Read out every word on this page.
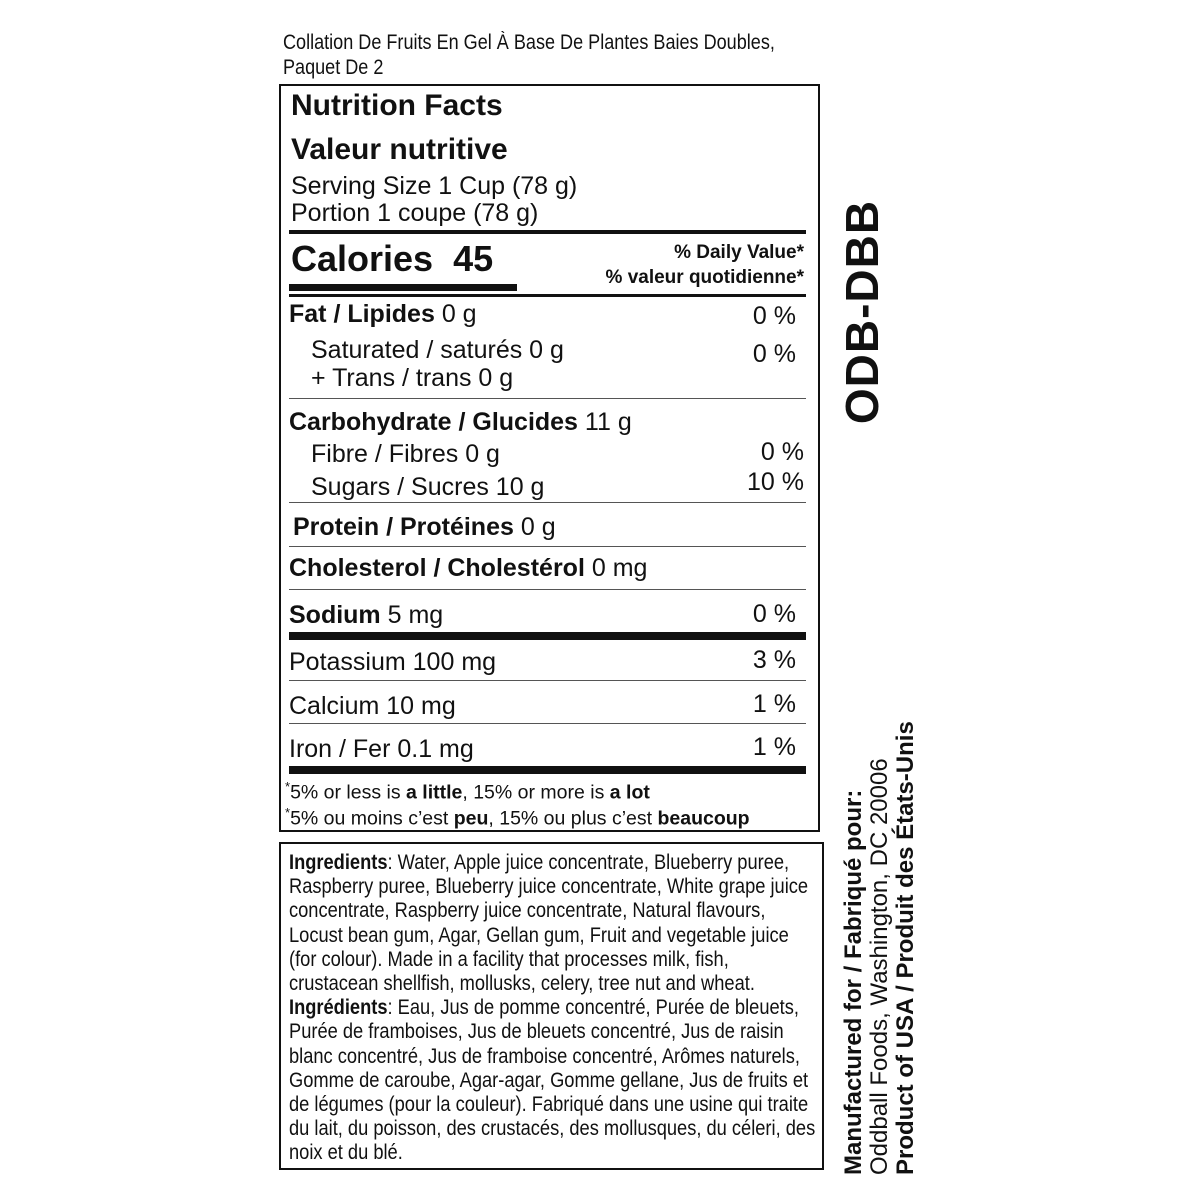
Collation De Fruits En Gel À Base De Plantes Baies Doubles, Paquet De 2
Nutrition Facts
Valeur nutritive
Serving Size 1 Cup (78 g)
Portion 1 coupe (78 g)
Calories 45	% Daily Value*
% valeur quotidienne*
Fat / Lipides 0 g	0 %
Saturated / saturés 0 g	0 %
+ Trans / trans 0 g
Carbohydrate / Glucides 11 g
Fibre / Fibres 0 g	0 %
Sugars / Sucres 10 g	10 %
Protein / Protéines 0 g
Cholesterol / Cholestérol 0 mg
Sodium 5 mg	0 %
Potassium 100 mg	3 %
Calcium 10 mg	1 %
Iron / Fer 0.1 mg	1 %
*5% or less is a little, 15% or more is a lot
*5% ou moins c’est peu, 15% ou plus c’est beaucoup
Ingredients: Water, Apple juice concentrate, Blueberry puree, Raspberry puree, Blueberry juice concentrate, White grape juice concentrate, Raspberry juice concentrate, Natural flavours, Locust bean gum, Agar, Gellan gum, Fruit and vegetable juice (for colour). Made in a facility that processes milk, fish, crustacean shellfish, mollusks, celery, tree nut and wheat. Ingrédients: Eau, Jus de pomme concentré, Purée de bleuets, Purée de framboises, Jus de bleuets concentré, Jus de raisin blanc concentré, Jus de framboise concentré, Arômes naturels, Gomme de caroube, Agar-agar, Gomme gellane, Jus de fruits et de légumes (pour la couleur). Fabriqué dans une usine qui traite du lait, du poisson, des crustacés, des mollusques, du céleri, des noix et du blé.
ODB-DBB
Manufactured for / Fabriqué pour: Oddball Foods, Washington, DC 20006 Product of USA / Produit des États-Unis
